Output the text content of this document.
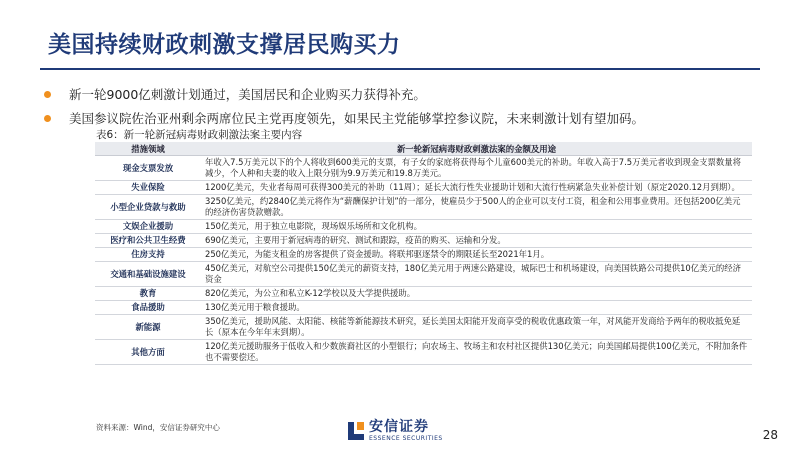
美国持续财政刺激支撑居民购买力
新一轮9000亿刺激计划通过，美国居民和企业购买力获得补充。
美国参议院佐治亚州剩余两席位民主党再度领先，如果民主党能够掌控参议院，未来刺激计划有望加码。
表6：新一轮新冠病毒财政刺激法案主要内容
措施领域	新一轮新冠病毒财政刺激法案的金额及用途
现金支票发放	年收入7.5万美元以下的个人将收到600美元的支票，有子女的家庭将获得每个儿童600美元的补助。年收入高于7.5万美元者收到现金支票数量将减少，个人种和夫妻的收入上限分别为9.9万美元和19.8万美元。
失业保险	1200亿美元，失业者每周可获得300美元的补助（11周）；延长大流行性失业援助计划和大流行性病紧急失业补偿计划（原定2020.12月到期）。
小型企业贷款与救助	3250亿美元，约2840亿美元将作为“薪酬保护计划”的一部分，使雇员少于500人的企业可以支付工资，租金和公用事业费用。还包括200亿美元的经济伤害贷款赠款。
文娱企业援助	150亿美元，用于独立电影院，现场娱乐场所和文化机构。
医疗和公共卫生经费	690亿美元，主要用于新冠病毒的研究、测试和跟踪，疫苗的购买、运输和分发。
住房支持	250亿美元，为能支租金的房客提供了资金援助。将联邦驱逐禁令的期限延长至2021年1月。
交通和基础设施建设	450亿美元，对航空公司提供150亿美元的薪资支持，180亿美元用于两速公路建设，城际巴士和机场建设，向美国铁路公司提供10亿美元的经济资金
教育	820亿美元，为公立和私立K-12学校以及大学提供援助。
食品援助	130亿美元用于粮食援助。
新能源	350亿美元，援助风能、太阳能、核能等新能源技术研究，延长美国太阳能开发商享受的税收优惠政策一年，对风能开发商给予两年的税收抵免延长（原本在今年年末到期）。
其他方面	120亿美元援助服务于低收入和少数族裔社区的小型银行；向农场主、牧场主和农村社区提供130亿美元；向美国邮局提供100亿美元，不附加条件也不需要偿还。
资料来源：Wind，安信证券研究中心	安信证券
ESSENCE SECURITIES	28
